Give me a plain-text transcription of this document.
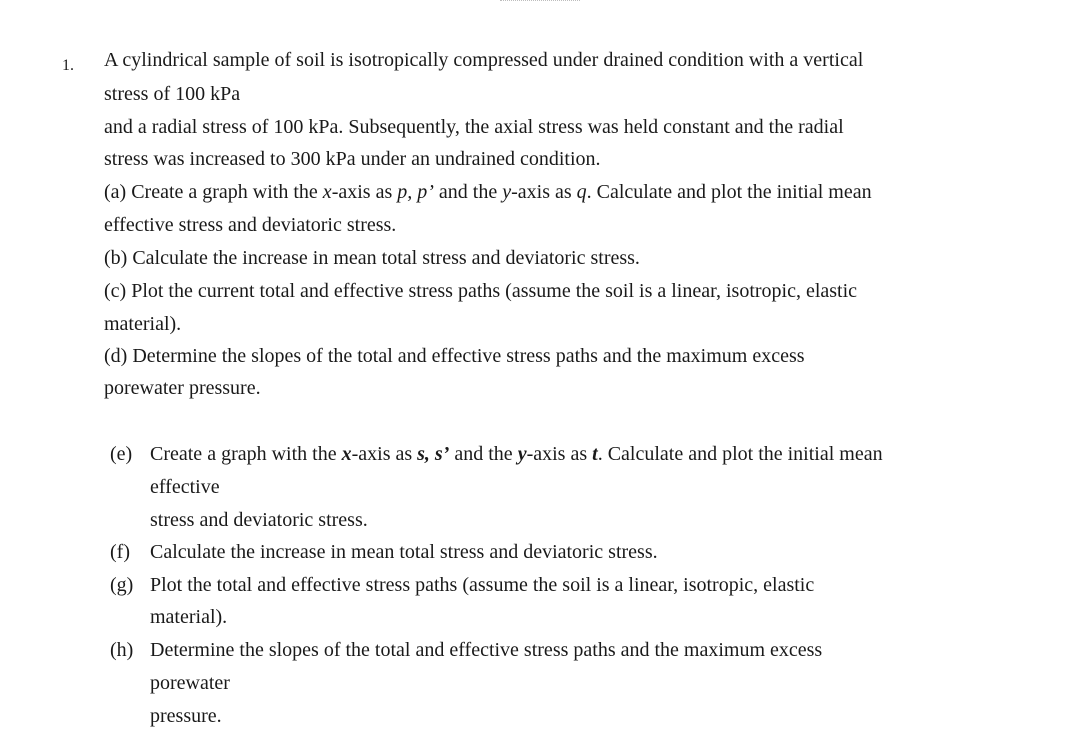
1. A cylindrical sample of soil is isotropically compressed under drained condition with a vertical
stress of 100 kPa
and a radial stress of 100 kPa. Subsequently, the axial stress was held constant and the radial
stress was increased to 300 kPa under an undrained condition.
(a) Create a graph with the x-axis as p, p’ and the y-axis as q. Calculate and plot the initial mean
effective stress and deviatoric stress.
(b) Calculate the increase in mean total stress and deviatoric stress.
(c) Plot the current total and effective stress paths (assume the soil is a linear, isotropic, elastic
material).
(d) Determine the slopes of the total and effective stress paths and the maximum excess
porewater pressure.
(e) Create a graph with the x-axis as s, s’ and the y-axis as t. Calculate and plot the initial mean
effective
stress and deviatoric stress.
(f) Calculate the increase in mean total stress and deviatoric stress.
(g) Plot the total and effective stress paths (assume the soil is a linear, isotropic, elastic
material).
(h) Determine the slopes of the total and effective stress paths and the maximum excess
porewater
pressure.
